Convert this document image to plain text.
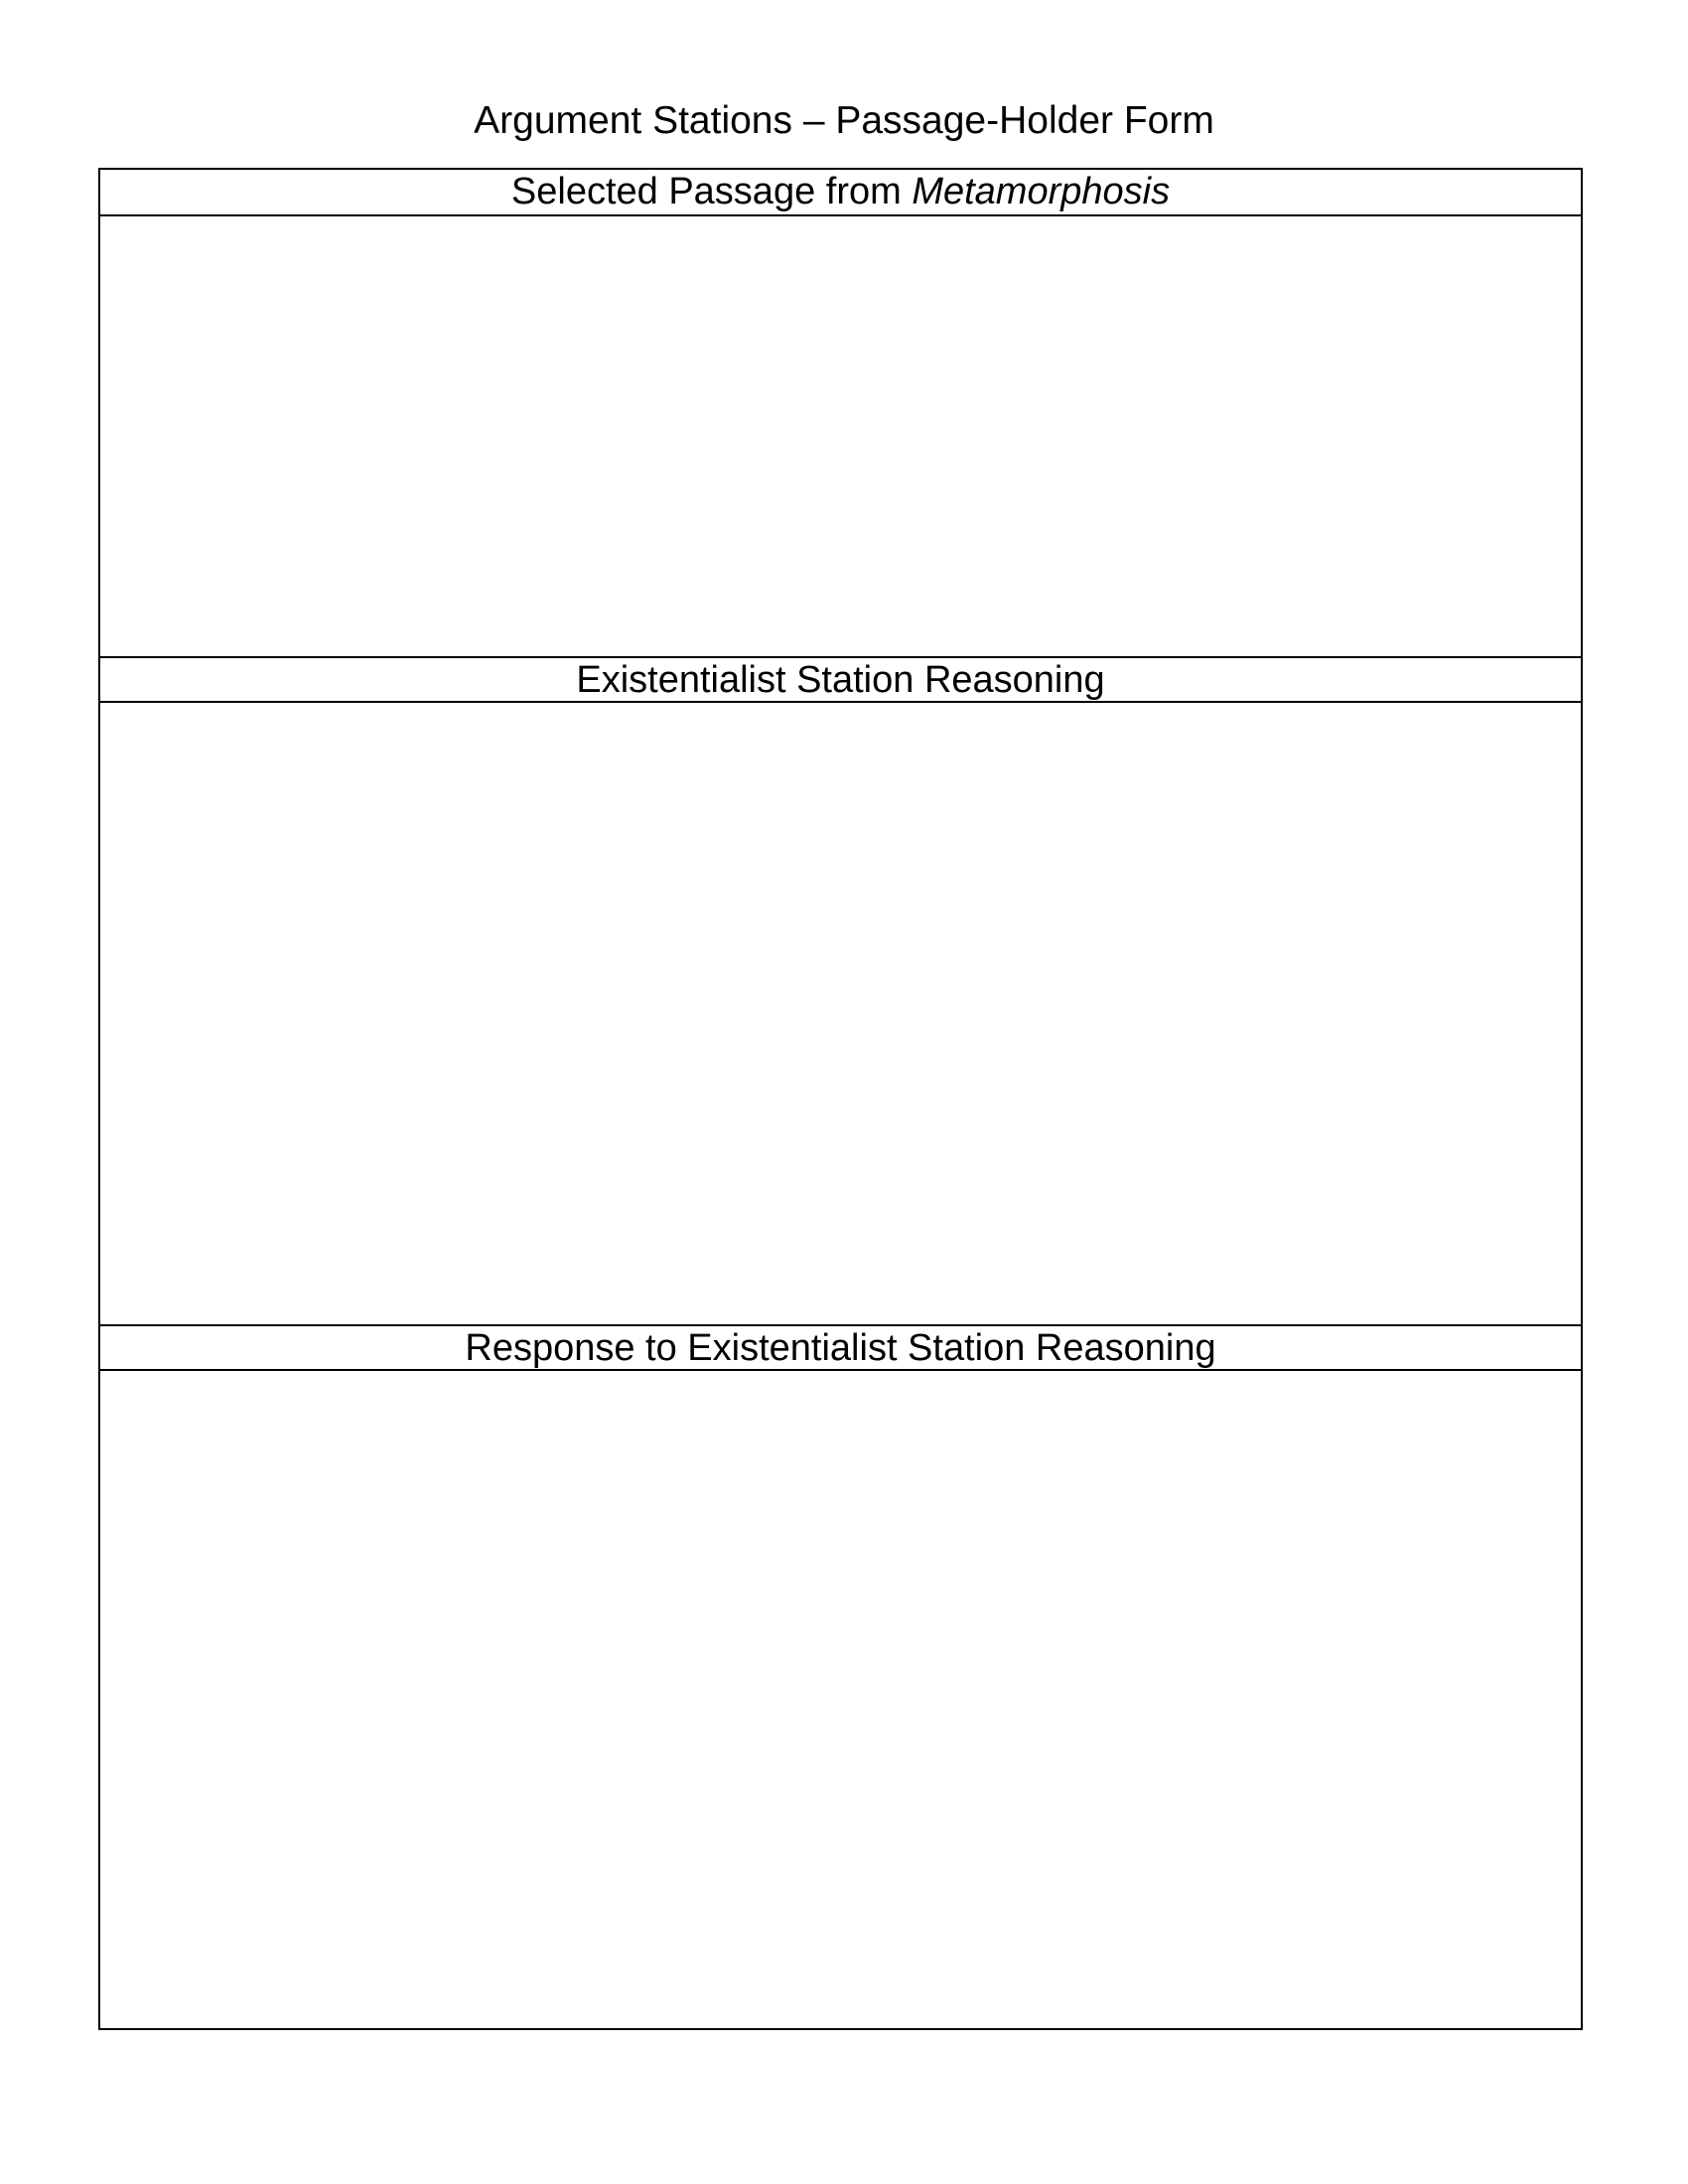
Argument Stations – Passage-Holder Form
Selected Passage from Metamorphosis
Existentialist Station Reasoning
Response to Existentialist Station Reasoning
